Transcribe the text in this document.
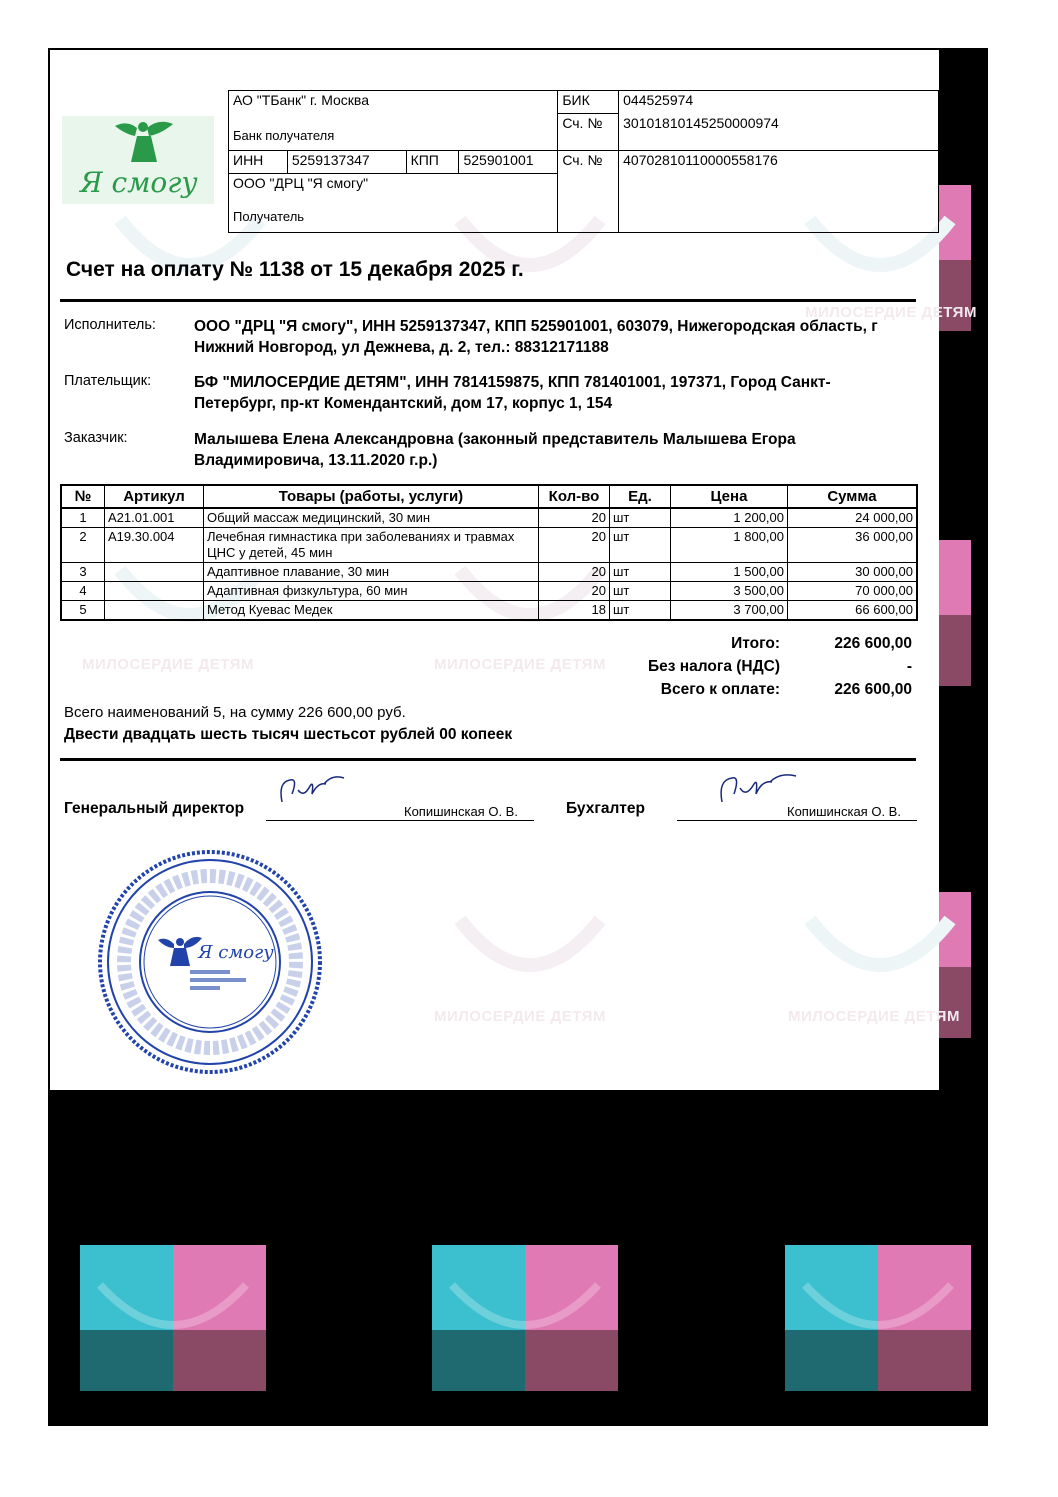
МИЛОСЕРДИЕ ДЕТЯМ
МИЛОСЕРДИЕ ДЕТЯМ	МИЛОСЕРДИЕ ДЕТЯМ
МИЛОСЕРДИЕ ДЕТЯМ	МИЛОСЕРДИЕ ДЕТЯМ
Я смогу
АО "ТБанк" г. Москва
Банк получателя				БИК	044525974
				Сч. №	30101810145250000974
ИНН	5259137347	КПП	525901001	Сч. №	40702810110000558176

ООО "ДРЦ "Я смогу"
Получатель					
Счет на оплату № 1138 от 15 декабря 2025 г.
Исполнитель: ООО "ДРЦ "Я смогу", ИНН 5259137347, КПП 525901001, 603079, Нижегородская область, г Нижний Новгород, ул Дежнева, д. 2, тел.: 88312171188
Плательщик:	БФ "МИЛОСЕРДИЕ ДЕТЯМ", ИНН 7814159875, КПП 781401001, 197371, Город Санкт-Петербург, пр-кт Комендантский, дом 17, корпус 1, 154
Заказчик:	Малышева Елена Александровна (законный представитель Малышева Егора Владимировича, 13.11.2020 г.р.)
№	Артикул	Товары (работы, услуги)	Кол-во	Ед.	Цена	Сумма
1	A21.01.001	Общий массаж медицинский, 30 мин	20	шт	1 200,00	24 000,00
2	A19.30.004	Лечебная гимнастика при заболеваниях и травмах ЦНС у детей, 45 мин	20	шт	1 800,00	36 000,00
3		Адаптивное плавание, 30 мин	20	шт	1 500,00	30 000,00
4		Адаптивная физкультура, 60 мин	20	шт	3 500,00	70 000,00
5		Метод Куевас Медек	18	шт	3 700,00	66 600,00
Итого:	226 600,00
Без налога (НДС)	-
Всего к оплате:	226 600,00
Всего наименований 5, на сумму 226 600,00 руб.
Двести двадцать шесть тысяч шестьсот рублей 00 копеек
Генеральный директор	Копишинская О. В.	Бухгалтер	Копишинская О. В.
Я смогу
